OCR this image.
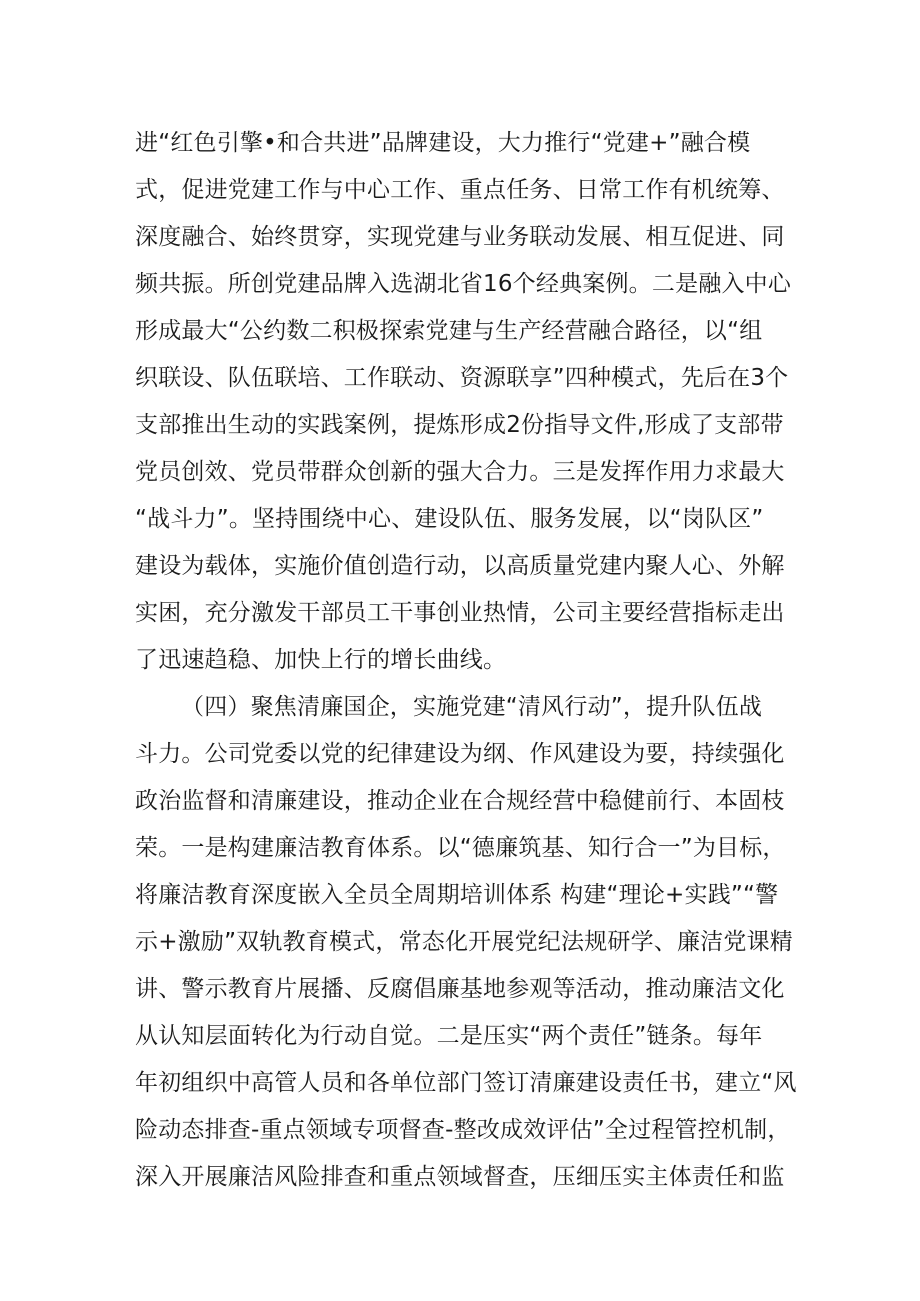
进“红色引擎•和合共进”品牌建设，大力推行“党建+”融合模
式，促进党建工作与中心工作、重点任务、日常工作有机统筹、
深度融合、始终贯穿，实现党建与业务联动发展、相互促进、同
频共振。所创党建品牌入选湖北省16个经典案例。二是融入中心
形成最大“公约数二积极探索党建与生产经营融合路径，以“组
织联设、队伍联培、工作联动、资源联享”四种模式，先后在3个
支部推出生动的实践案例，提炼形成2份指导文件,形成了支部带
党员创效、党员带群众创新的强大合力。三是发挥作用力求最大
“战斗力”。坚持围绕中心、建设队伍、服务发展，以“岗队区”
建设为载体，实施价值创造行动，以高质量党建内聚人心、外解
实困，充分激发干部员工干事创业热情，公司主要经营指标走出
了迅速趋稳、加快上行的增长曲线。
（四）聚焦清廉国企，实施党建“清风行动”，提升队伍战
斗力。公司党委以党的纪律建设为纲、作风建设为要，持续强化
政治监督和清廉建设，推动企业在合规经营中稳健前行、本固枝
荣。一是构建廉洁教育体系。以“德廉筑基、知行合一”为目标，
将廉洁教育深度嵌入全员全周期培训体系 构建“理论+实践”“警
示+激励”双轨教育模式，常态化开展党纪法规研学、廉洁党课精
讲、警示教育片展播、反腐倡廉基地参观等活动，推动廉洁文化
从认知层面转化为行动自觉。二是压实“两个责任”链条。每年
年初组织中高管人员和各单位部门签订清廉建设责任书，建立“风
险动态排查-重点领域专项督查-整改成效评估”全过程管控机制，
深入开展廉洁风险排查和重点领域督查，压细压实主体责任和监
